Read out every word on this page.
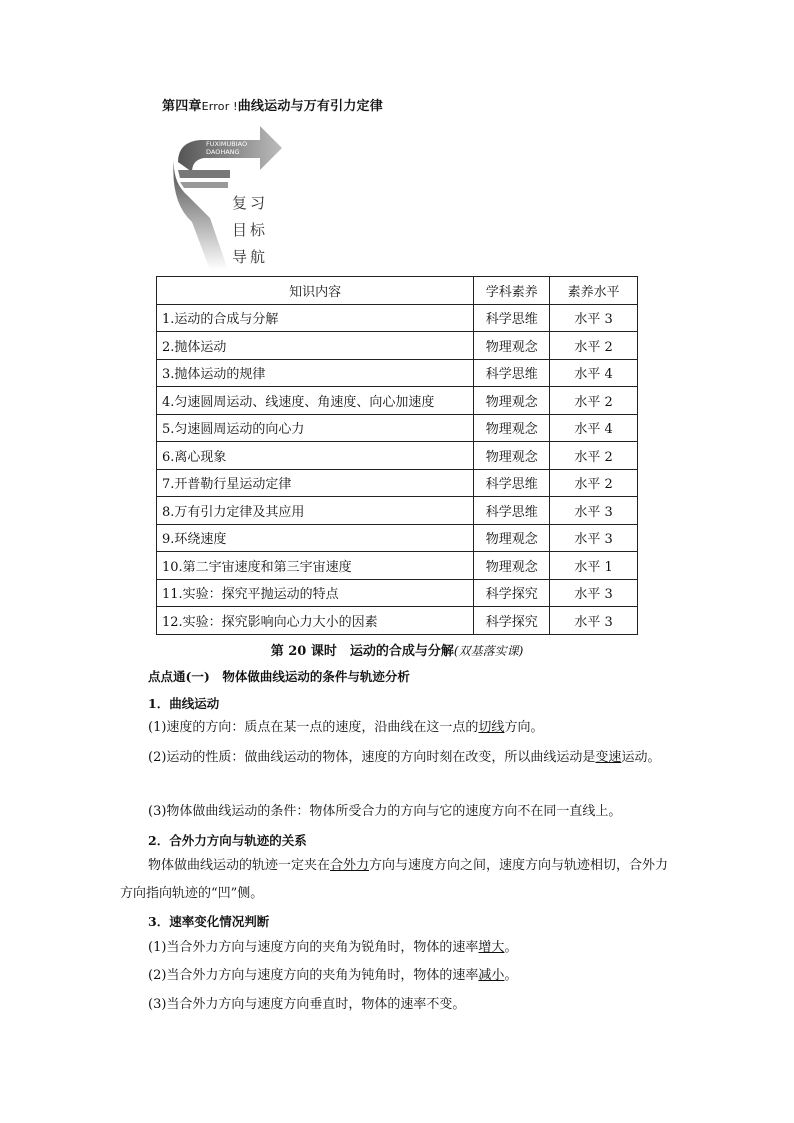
第四章Error !曲线运动与万有引力定律
FUXIMUBIAO
DAOHANG
复习
目标
导航
知识内容	学科素养	素养水平
1.运动的合成与分解	科学思维	水平 3
2.抛体运动	物理观念	水平 2
3.抛体运动的规律	科学思维	水平 4
4.匀速圆周运动、线速度、角速度、向心加速度	物理观念	水平 2
5.匀速圆周运动的向心力	物理观念	水平 4
6.离心现象	物理观念	水平 2
7.开普勒行星运动定律	科学思维	水平 2
8.万有引力定律及其应用	科学思维	水平 3
9.环绕速度	物理观念	水平 3
10.第二宇宙速度和第三宇宙速度	物理观念	水平 1
11.实验：探究平抛运动的特点	科学探究	水平 3
12.实验：探究影响向心力大小的因素	科学探究	水平 3
第 20 课时　运动的合成与分解(双基落实课)
点点通(一)　物体做曲线运动的条件与轨迹分析
1．曲线运动
(1)速度的方向：质点在某一点的速度，沿曲线在这一点的切线方向。
(2)运动的性质：做曲线运动的物体，速度的方向时刻在改变，所以曲线运动是变速运动。
(3)物体做曲线运动的条件：物体所受合力的方向与它的速度方向不在同一直线上。
2．合外力方向与轨迹的关系
物体做曲线运动的轨迹一定夹在合外力方向与速度方向之间，速度方向与轨迹相切，合外力方向指向轨迹的“凹”侧。
3．速率变化情况判断
(1)当合外力方向与速度方向的夹角为锐角时，物体的速率增大。
(2)当合外力方向与速度方向的夹角为钝角时，物体的速率减小。
(3)当合外力方向与速度方向垂直时，物体的速率不变。
